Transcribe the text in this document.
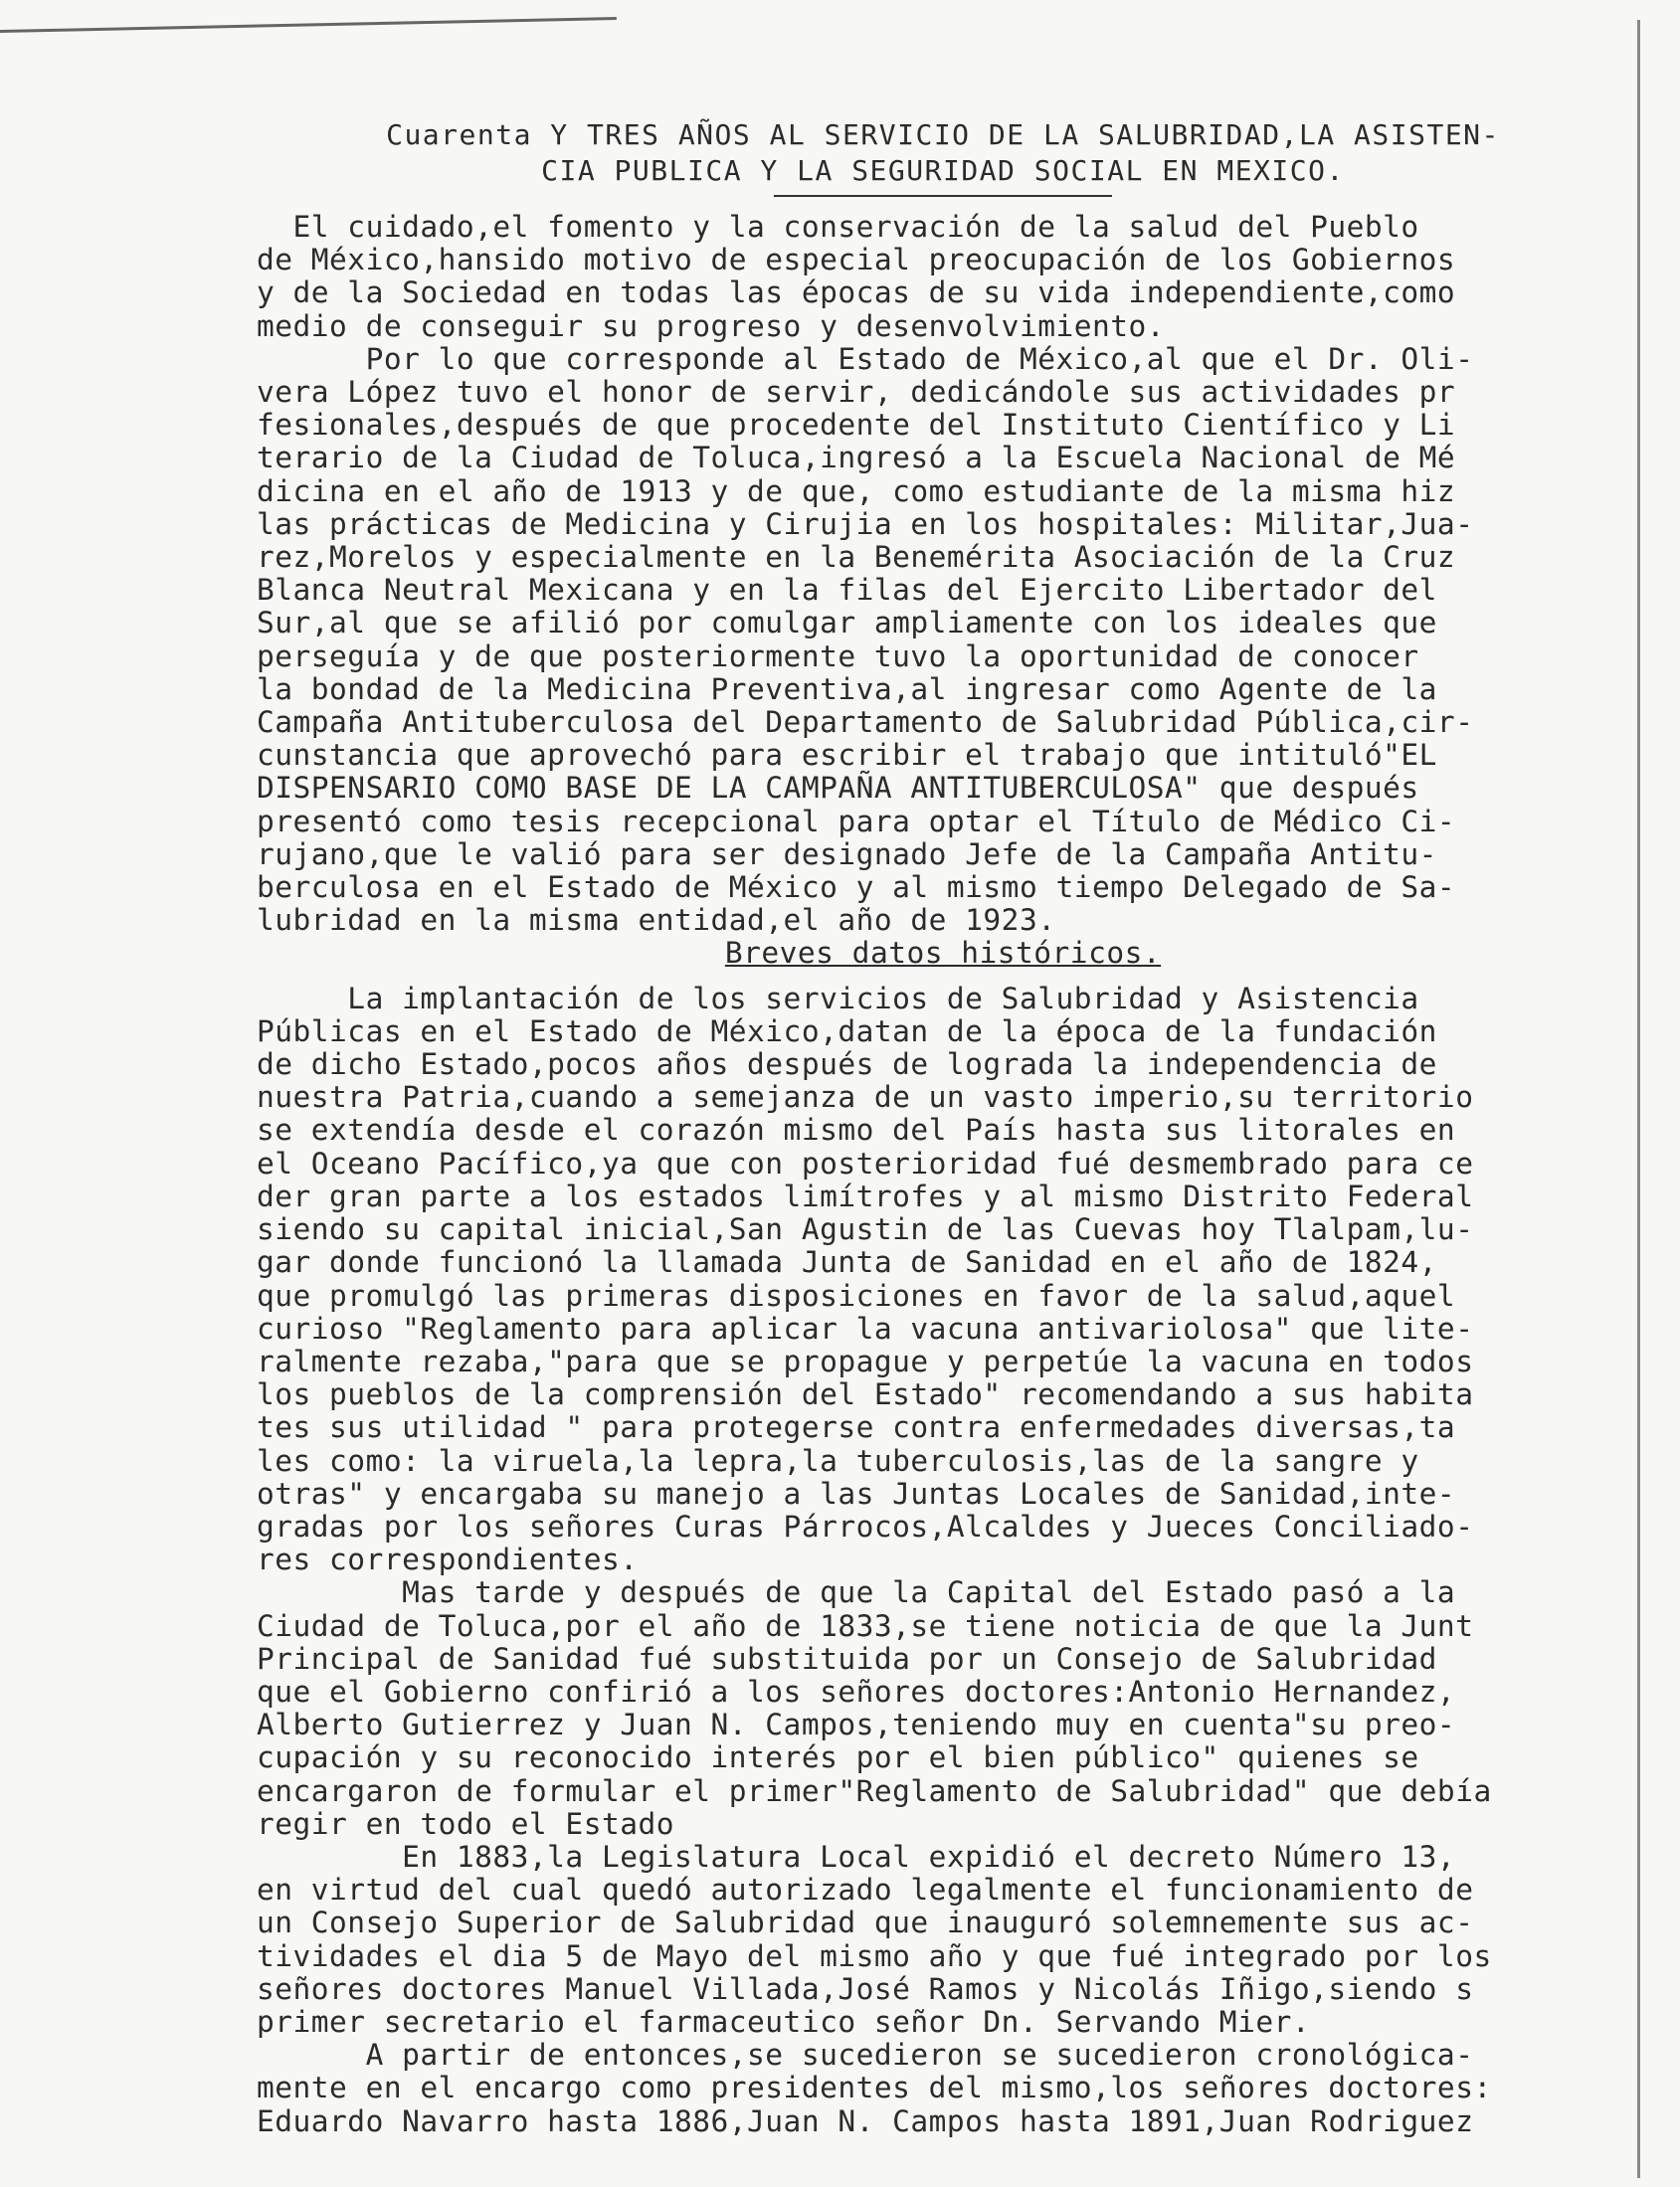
Cuarenta Y TRES AÑOS AL SERVICIO DE LA SALUBRIDAD,LA ASISTEN-
CIA PUBLICA Y LA SEGURIDAD SOCIAL EN MEXICO.
El cuidado,el fomento y la conservación de la salud del Pueblo
de México,hansido motivo de especial preocupación de los Gobiernos
y de la Sociedad en todas las épocas de su vida independiente,como
medio de conseguir su progreso y desenvolvimiento.
Por lo que corresponde al Estado de México,al que el Dr. Oli-
vera López tuvo el honor de servir, dedicándole sus actividades pr
fesionales,después de que procedente del Instituto Científico y Li
terario de la Ciudad de Toluca,ingresó a la Escuela Nacional de Mé
dicina en el año de 1913 y de que, como estudiante de la misma hiz
las prácticas de Medicina y Cirujia en los hospitales: Militar,Jua-
rez,Morelos y especialmente en la Benemérita Asociación de la Cruz
Blanca Neutral Mexicana y en la filas del Ejercito Libertador del
Sur,al que se afilió por comulgar ampliamente con los ideales que
perseguía y de que posteriormente tuvo la oportunidad de conocer
la bondad de la Medicina Preventiva,al ingresar como Agente de la
Campaña Antituberculosa del Departamento de Salubridad Pública,cir-
cunstancia que aprovechó para escribir el trabajo que intituló"EL
DISPENSARIO COMO BASE DE LA CAMPAÑA ANTITUBERCULOSA" que después
presentó como tesis recepcional para optar el Título de Médico Ci-
rujano,que le valió para ser designado Jefe de la Campaña Antitu-
berculosa en el Estado de México y al mismo tiempo Delegado de Sa-
lubridad en la misma entidad,el año de 1923.
Breves datos históricos.
La implantación de los servicios de Salubridad y Asistencia
Públicas en el Estado de México,datan de la época de la fundación
de dicho Estado,pocos años después de lograda la independencia de
nuestra Patria,cuando a semejanza de un vasto imperio,su territorio
se extendía desde el corazón mismo del País hasta sus litorales en
el Oceano Pacífico,ya que con posterioridad fué desmembrado para ce
der gran parte a los estados limítrofes y al mismo Distrito Federal
siendo su capital inicial,San Agustin de las Cuevas hoy Tlalpam,lu-
gar donde funcionó la llamada Junta de Sanidad en el año de 1824,
que promulgó las primeras disposiciones en favor de la salud,aquel
curioso "Reglamento para aplicar la vacuna antivariolosa" que lite-
ralmente rezaba,"para que se propague y perpetúe la vacuna en todos
los pueblos de la comprensión del Estado" recomendando a sus habita
tes sus utilidad " para protegerse contra enfermedades diversas,ta
les como: la viruela,la lepra,la tuberculosis,las de la sangre y
otras" y encargaba su manejo a las Juntas Locales de Sanidad,inte-
gradas por los señores Curas Párrocos,Alcaldes y Jueces Conciliado-
res correspondientes.
Mas tarde y después de que la Capital del Estado pasó a la
Ciudad de Toluca,por el año de 1833,se tiene noticia de que la Junt
Principal de Sanidad fué substituida por un Consejo de Salubridad
que el Gobierno confirió a los señores doctores:Antonio Hernandez,
Alberto Gutierrez y Juan N. Campos,teniendo muy en cuenta"su preo-
cupación y su reconocido interés por el bien público" quienes se
encargaron de formular el primer"Reglamento de Salubridad" que debía
regir en todo el Estado
En 1883,la Legislatura Local expidió el decreto Número 13,
en virtud del cual quedó autorizado legalmente el funcionamiento de
un Consejo Superior de Salubridad que inauguró solemnemente sus ac-
tividades el dia 5 de Mayo del mismo año y que fué integrado por los
señores doctores Manuel Villada,José Ramos y Nicolás Iñigo,siendo s
primer secretario el farmaceutico señor Dn. Servando Mier.
A partir de entonces,se sucedieron se sucedieron cronológica-
mente en el encargo como presidentes del mismo,los señores doctores:
Eduardo Navarro hasta 1886,Juan N. Campos hasta 1891,Juan Rodriguez
